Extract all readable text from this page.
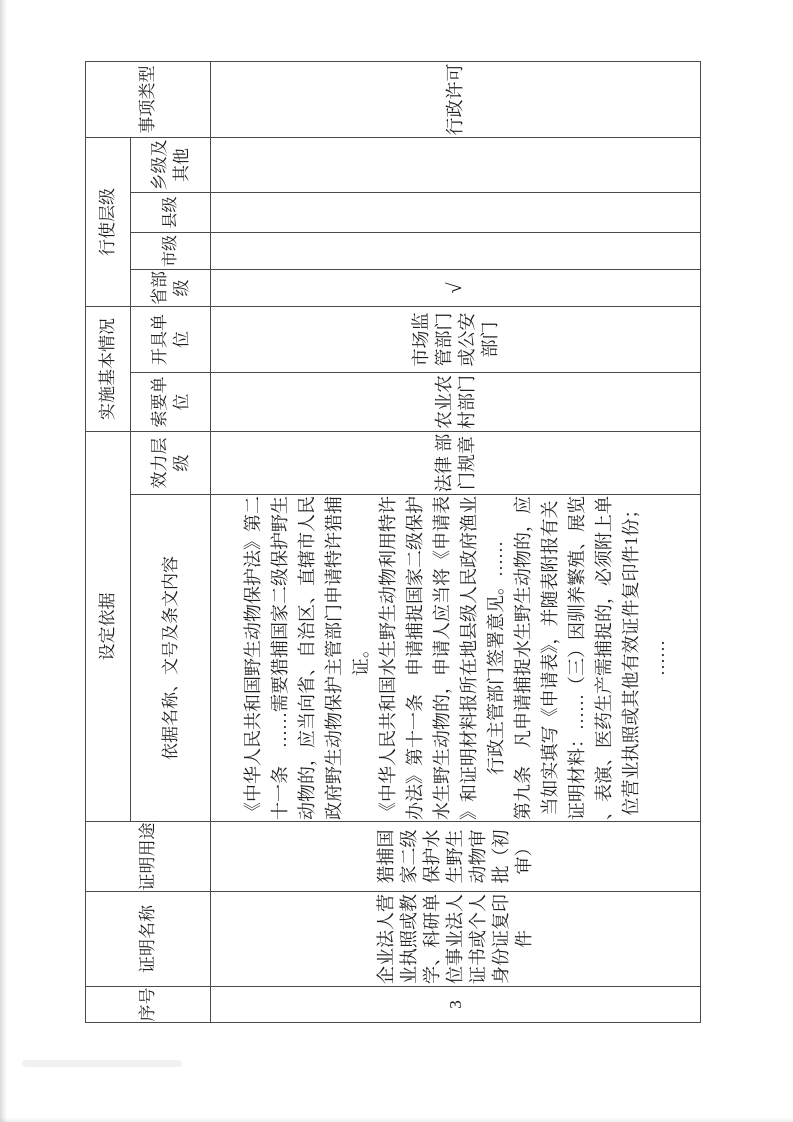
序号	证明名称	证明用途	设定依据		实施基本情况		行使层级				事项类型
			依据名称、文号及条文内容	效力层级	索要单位	开具单位	省部级	市级	县级	乡级及其他	
3	企业法人营业执照或教学、科研单位事业法人证书或个人身份证复印件	猎捕国家二级保护水生野生动物审批（初审）	《中华人民共和国野生动物保护法》第二十一条　……需要猎捕国家二级保护野生动物的，应当向省、自治区、直辖市人民政府野生动物保护主管部门申请特许猎捕证。 《中华人民共和国水生野生动物利用特许办法》第十一条　申请捕捉国家二级保护水生野生动物的，申请人应当将《申请表》和证明材料报所在地县级人民政府渔业行政主管部门签署意见。…… 第九条　凡申请捕捉水生野生动物的，应当如实填写《申请表》，并随表附报有关证明材料：……（三）因驯养繁殖、展览、表演、医药生产需捕捉的，必须附上单位营业执照或其他有效证件复印件1份；……	法律 部门规章	农业农村部门	市场监管部门或公安部门	√				行政许可
